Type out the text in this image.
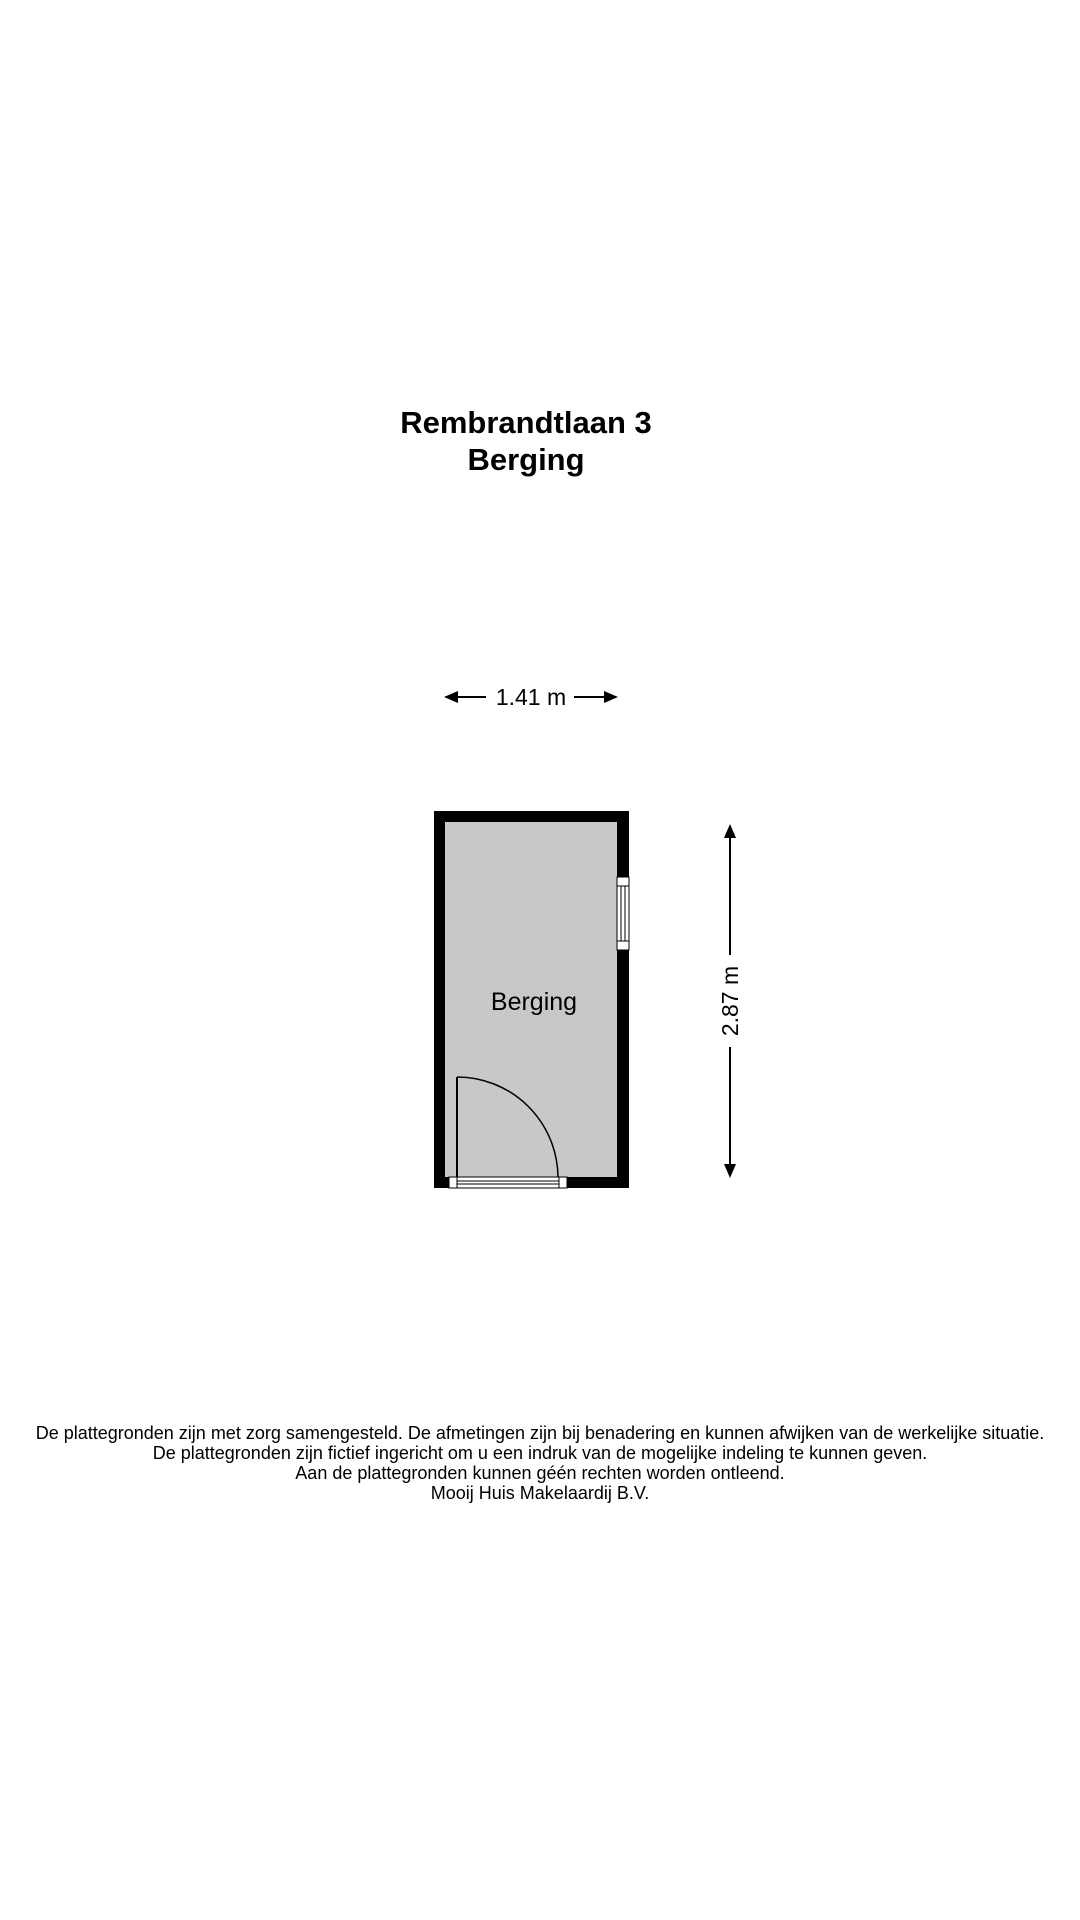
Rembrandtlaan 3
Berging
1.41 m
2.87 m
Berging
De plattegronden zijn met zorg samengesteld. De afmetingen zijn bij benadering en kunnen afwijken van de werkelijke situatie.
De plattegronden zijn fictief ingericht om u een indruk van de mogelijke indeling te kunnen geven.
Aan de plattegronden kunnen géén rechten worden ontleend.
Mooij Huis Makelaardij B.V.
